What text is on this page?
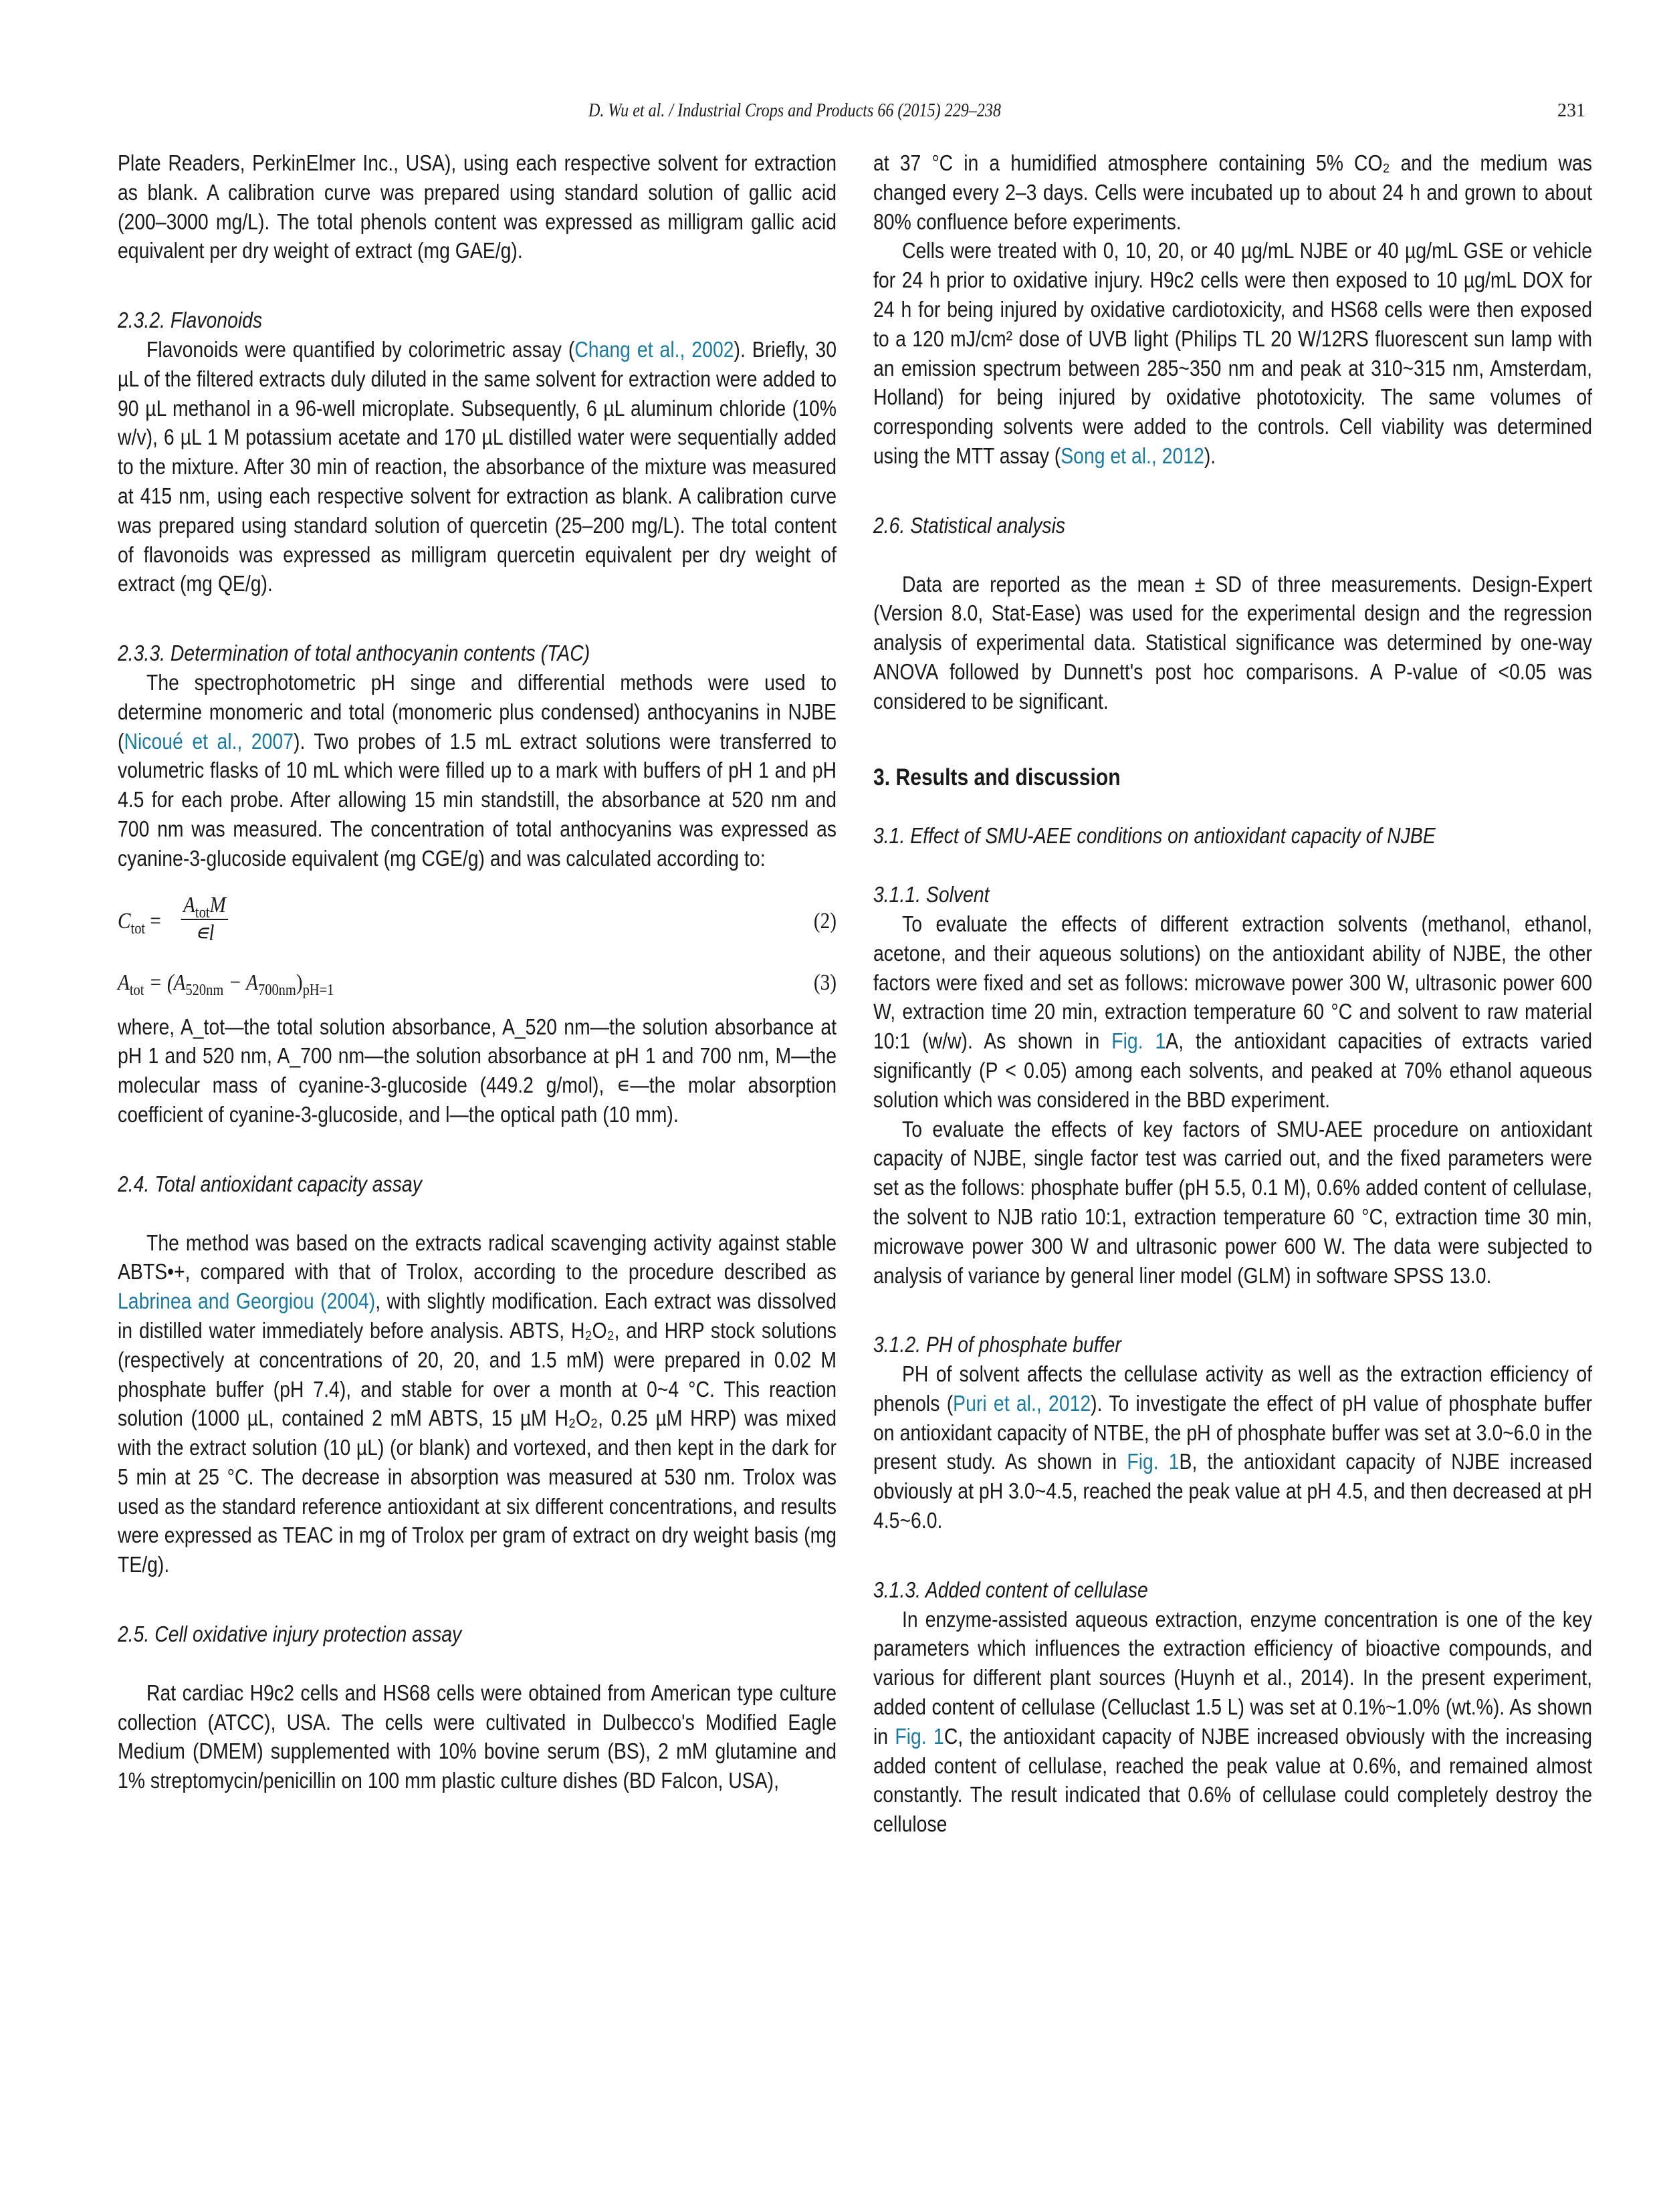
D. Wu et al. / Industrial Crops and Products 66 (2015) 229–238	231

Plate Readers, PerkinElmer Inc., USA), using each respective solvent for extraction as blank. A calibration curve was prepared using standard solution of gallic acid (200–3000 mg/L). The total phenols content was expressed as milligram gallic acid equivalent per dry weight of extract (mg GAE/g).

2.3.2. Flavonoids

Flavonoids were quantified by colorimetric assay (Chang et al., 2002). Briefly, 30 µL of the filtered extracts duly diluted in the same solvent for extraction were added to 90 µL methanol in a 96-well microplate. Subsequently, 6 µL aluminum chloride (10% w/v), 6 µL 1 M potassium acetate and 170 µL distilled water were sequentially added to the mixture. After 30 min of reaction, the absorbance of the mixture was measured at 415 nm, using each respective solvent for extraction as blank. A calibration curve was prepared using standard solution of quercetin (25–200 mg/L). The total content of flavonoids was expressed as milligram quercetin equivalent per dry weight of extract (mg QE/g).

2.3.3. Determination of total anthocyanin contents (TAC)

The spectrophotometric pH singe and differential methods were used to determine monomeric and total (monomeric plus condensed) anthocyanins in NJBE (Nicoué et al., 2007). Two probes of 1.5 mL extract solutions were transferred to volumetric flasks of 10 mL which were filled up to a mark with buffers of pH 1 and pH 4.5 for each probe. After allowing 15 min standstill, the absorbance at 520 nm and 700 nm was measured. The concentration of total anthocyanins was expressed as cyanine-3-glucoside equivalent (mg CGE/g) and was calculated according to:

$C_{tot}$ =
$A_{tot}M$
∊l	(2)
$A_{tot} = (A_{520nm} - A_{700nm})_{pH=1}$	(3)

where, A_tot—the total solution absorbance, A_520 nm—the solution absorbance at pH 1 and 520 nm, A_700 nm—the solution absorbance at pH 1 and 700 nm, M—the molecular mass of cyanine-3-glucoside (449.2 g/mol), ∊—the molar absorption coefficient of cyanine-3-glucoside, and l—the optical path (10 mm).

2.4. Total antioxidant capacity assay

The method was based on the extracts radical scavenging activity against stable ABTS•+, compared with that of Trolox, according to the procedure described as Labrinea and Georgiou (2004), with slightly modification. Each extract was dissolved in distilled water immediately before analysis. ABTS, H₂O₂, and HRP stock solutions (respectively at concentrations of 20, 20, and 1.5 mM) were prepared in 0.02 M phosphate buffer (pH 7.4), and stable for over a month at 0~4 °C. This reaction solution (1000 µL, contained 2 mM ABTS, 15 µM H₂O₂, 0.25 µM HRP) was mixed with the extract solution (10 µL) (or blank) and vortexed, and then kept in the dark for 5 min at 25 °C. The decrease in absorption was measured at 530 nm. Trolox was used as the standard reference antioxidant at six different concentrations, and results were expressed as TEAC in mg of Trolox per gram of extract on dry weight basis (mg TE/g).

2.5. Cell oxidative injury protection assay

Rat cardiac H9c2 cells and HS68 cells were obtained from American type culture collection (ATCC), USA. The cells were cultivated in Dulbecco's Modified Eagle Medium (DMEM) supplemented with 10% bovine serum (BS), 2 mM glutamine and 1% streptomycin/penicillin on 100 mm plastic culture dishes (BD Falcon, USA),

at 37 °C in a humidified atmosphere containing 5% CO₂ and the medium was changed every 2–3 days. Cells were incubated up to about 24 h and grown to about 80% confluence before experiments.

Cells were treated with 0, 10, 20, or 40 µg/mL NJBE or 40 µg/mL GSE or vehicle for 24 h prior to oxidative injury. H9c2 cells were then exposed to 10 µg/mL DOX for 24 h for being injured by oxidative cardiotoxicity, and HS68 cells were then exposed to a 120 mJ/cm² dose of UVB light (Philips TL 20 W/12RS fluorescent sun lamp with an emission spectrum between 285~350 nm and peak at 310~315 nm, Amsterdam, Holland) for being injured by oxidative phototoxicity. The same volumes of corresponding solvents were added to the controls. Cell viability was determined using the MTT assay (Song et al., 2012).

2.6. Statistical analysis

Data are reported as the mean ± SD of three measurements. Design-Expert (Version 8.0, Stat-Ease) was used for the experimental design and the regression analysis of experimental data. Statistical significance was determined by one-way ANOVA followed by Dunnett's post hoc comparisons. A P-value of <0.05 was considered to be significant.

3. Results and discussion

3.1. Effect of SMU-AEE conditions on antioxidant capacity of NJBE

3.1.1. Solvent

To evaluate the effects of different extraction solvents (methanol, ethanol, acetone, and their aqueous solutions) on the antioxidant ability of NJBE, the other factors were fixed and set as follows: microwave power 300 W, ultrasonic power 600 W, extraction time 20 min, extraction temperature 60 °C and solvent to raw material 10:1 (w/w). As shown in Fig. 1A, the antioxidant capacities of extracts varied significantly (P < 0.05) among each solvents, and peaked at 70% ethanol aqueous solution which was considered in the BBD experiment.

To evaluate the effects of key factors of SMU-AEE procedure on antioxidant capacity of NJBE, single factor test was carried out, and the fixed parameters were set as the follows: phosphate buffer (pH 5.5, 0.1 M), 0.6% added content of cellulase, the solvent to NJB ratio 10:1, extraction temperature 60 °C, extraction time 30 min, microwave power 300 W and ultrasonic power 600 W. The data were subjected to analysis of variance by general liner model (GLM) in software SPSS 13.0.

3.1.2. PH of phosphate buffer

PH of solvent affects the cellulase activity as well as the extraction efficiency of phenols (Puri et al., 2012). To investigate the effect of pH value of phosphate buffer on antioxidant capacity of NTBE, the pH of phosphate buffer was set at 3.0~6.0 in the present study. As shown in Fig. 1B, the antioxidant capacity of NJBE increased obviously at pH 3.0~4.5, reached the peak value at pH 4.5, and then decreased at pH 4.5~6.0.

3.1.3. Added content of cellulase

In enzyme-assisted aqueous extraction, enzyme concentration is one of the key parameters which influences the extraction efficiency of bioactive compounds, and various for different plant sources (Huynh et al., 2014). In the present experiment, added content of cellulase (Celluclast 1.5 L) was set at 0.1%~1.0% (wt.%). As shown in Fig. 1C, the antioxidant capacity of NJBE increased obviously with the increasing added content of cellulase, reached the peak value at 0.6%, and remained almost constantly. The result indicated that 0.6% of cellulase could completely destroy the cellulose
